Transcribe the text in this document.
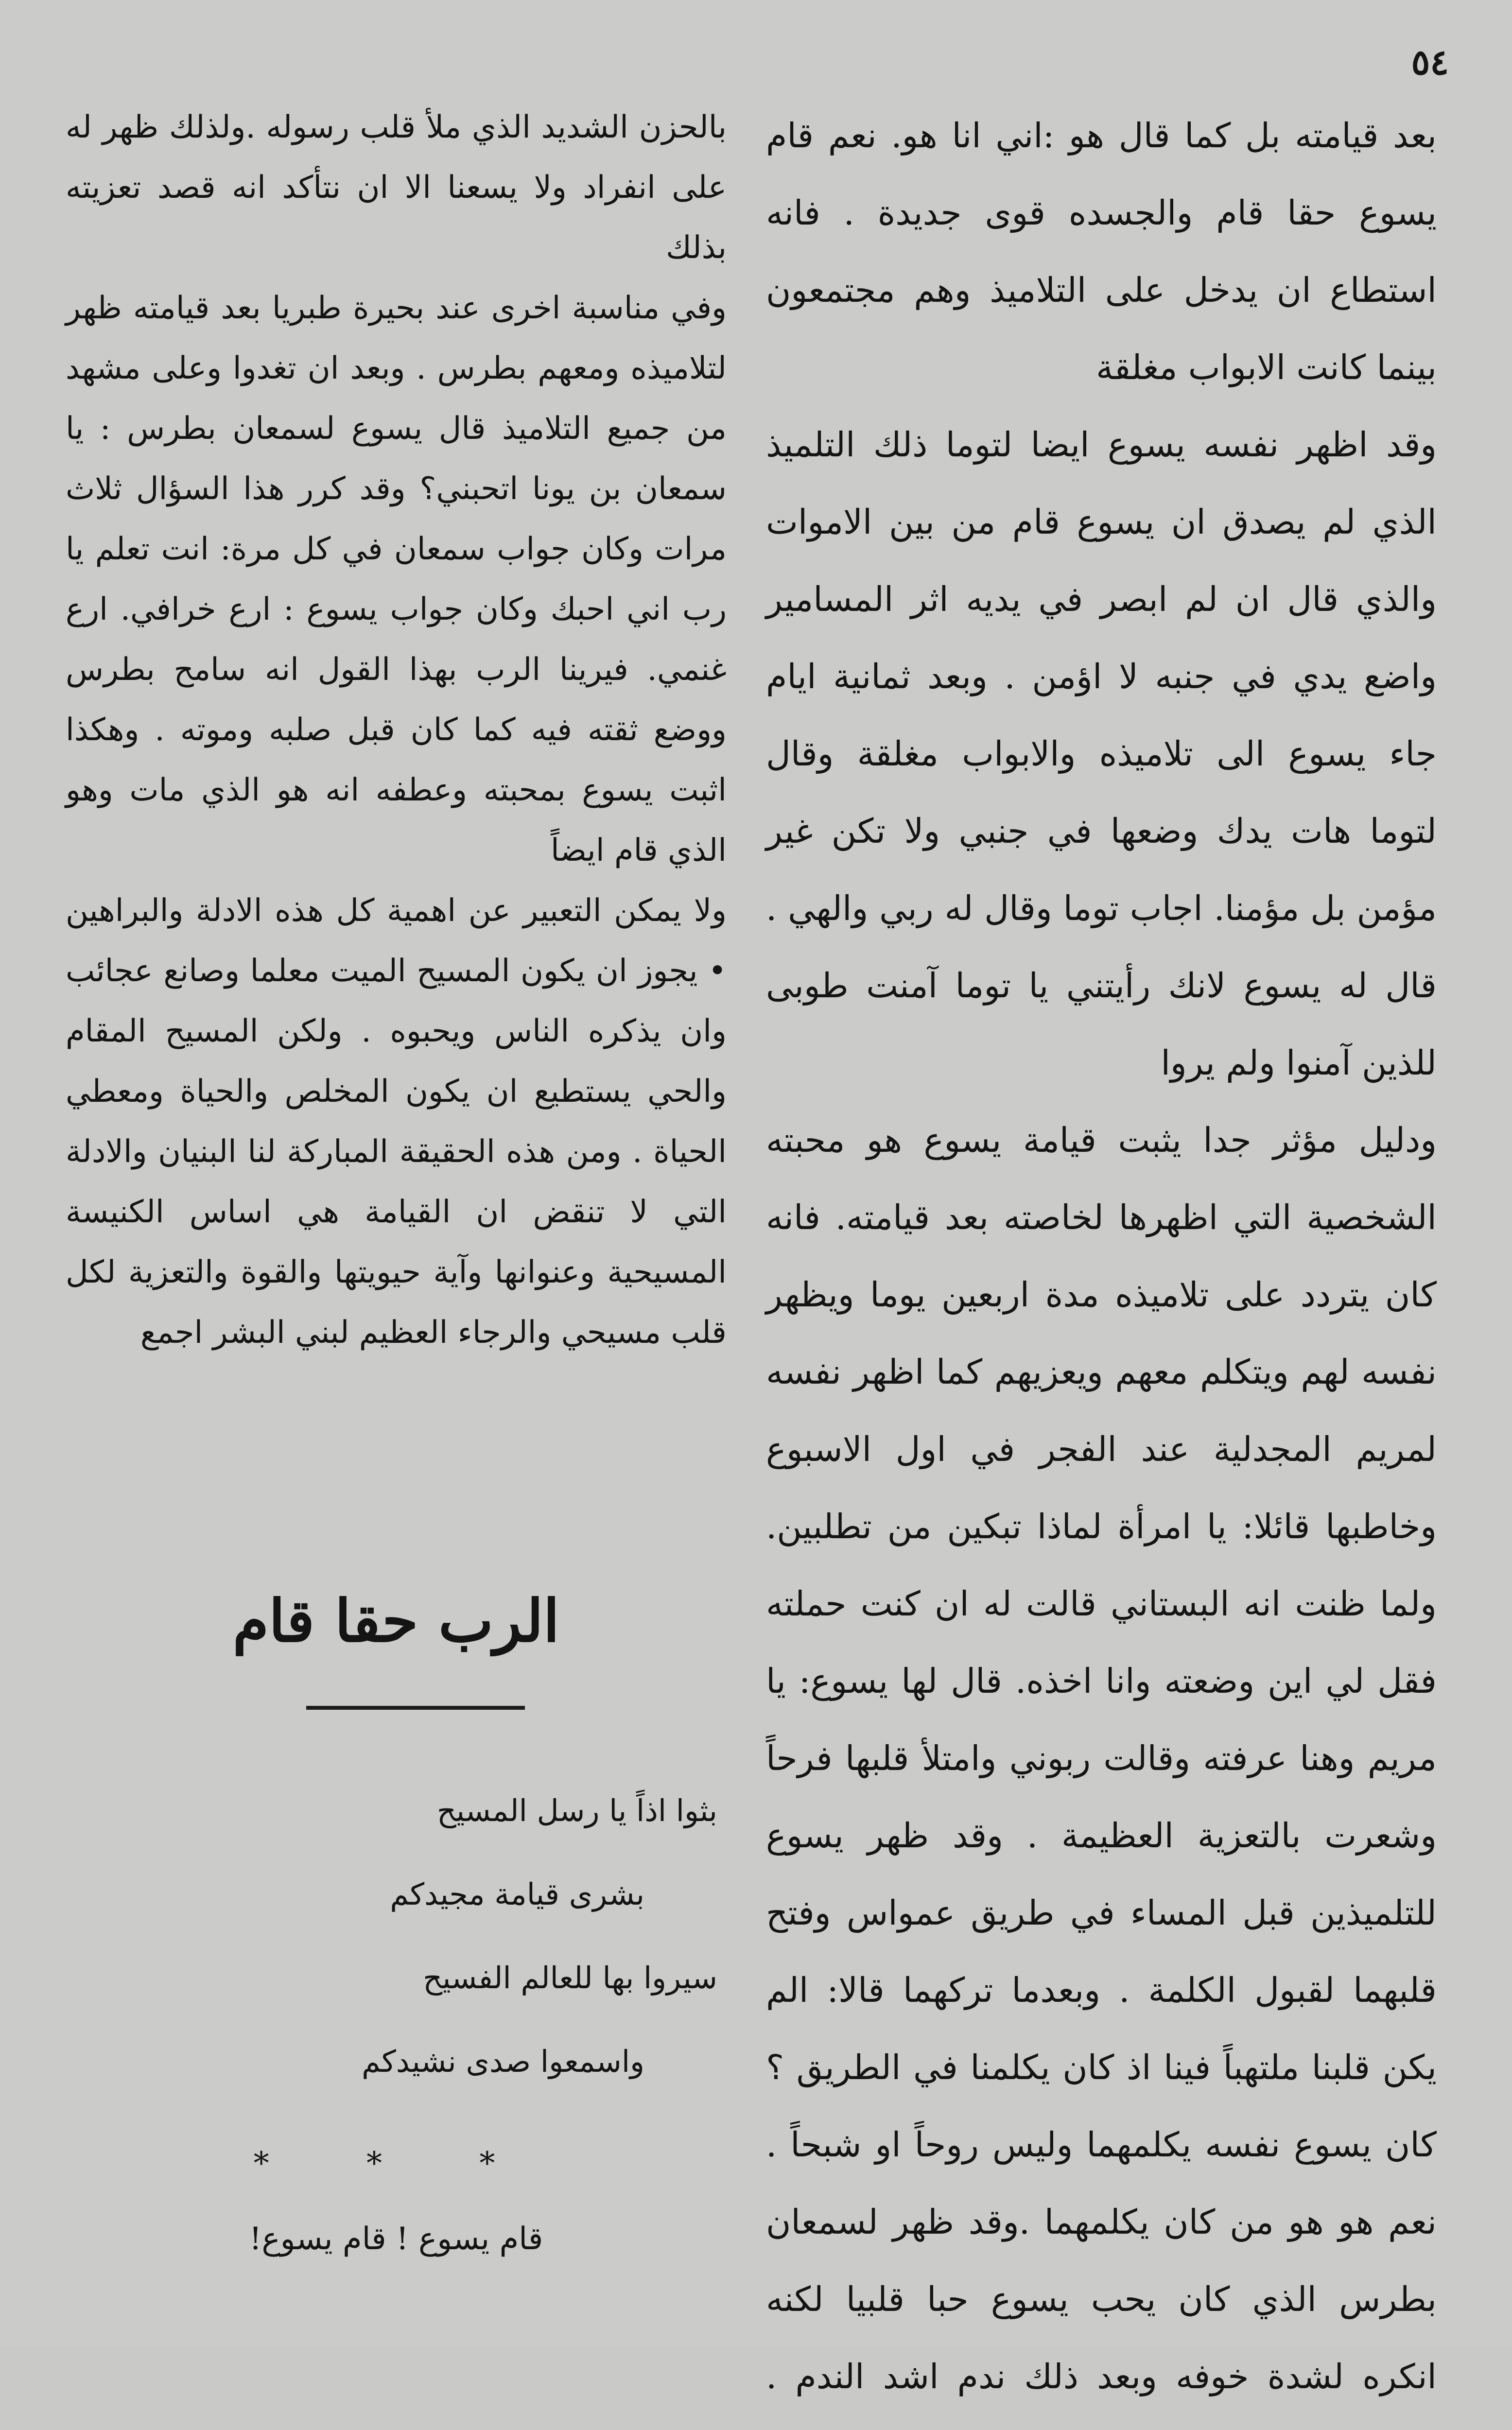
٥٤

بعد قيامته بل كما قال هو :اني انا هو. نعم قام يسوع حقا قام والجسده قوى جديدة . فانه استطاع ان يدخل على التلاميذ وهم مجتمعون بينما كانت الابواب مغلقة

وقد اظهر نفسه يسوع ايضا لتوما ذلك التلميذ الذي لم يصدق ان يسوع قام من بين الاموات والذي قال ان لم ابصر في يديه اثر المسامير واضع يدي في جنبه لا اؤمن . وبعد ثمانية ايام جاء يسوع الى تلاميذه والابواب مغلقة وقال لتوما هات يدك وضعها في جنبي ولا تكن غير مؤمن بل مؤمنا. اجاب توما وقال له ربي والهي . قال له يسوع لانك رأيتني يا توما آمنت طوبى للذين آمنوا ولم يروا

ودليل مؤثر جدا يثبت قيامة يسوع هو محبته الشخصية التي اظهرها لخاصته بعد قيامته. فانه كان يتردد على تلاميذه مدة اربعين يوما ويظهر نفسه لهم ويتكلم معهم ويعزيهم كما اظهر نفسه لمريم المجدلية عند الفجر في اول الاسبوع وخاطبها قائلا: يا امرأة لماذا تبكين من تطلبين. ولما ظنت انه البستاني قالت له ان كنت حملته فقل لي اين وضعته وانا اخذه. قال لها يسوع: يا مريم وهنا عرفته وقالت ربوني وامتلأ قلبها فرحاً وشعرت بالتعزية العظيمة . وقد ظهر يسوع للتلميذين قبل المساء في طريق عمواس وفتح قلبهما لقبول الكلمة . وبعدما تركهما قالا: الم يكن قلبنا ملتهباً فينا اذ كان يكلمنا في الطريق ؟ كان يسوع نفسه يكلمهما وليس روحاً او شبحاً . نعم هو هو من كان يكلمهما .وقد ظهر لسمعان بطرس الذي كان يحب يسوع حبا قلبيا لكنه انكره لشدة خوفه وبعد ذلك ندم اشد الندم .

بالحزن الشديد الذي ملأ قلب رسوله .ولذلك ظهر له على انفراد ولا يسعنا الا ان نتأكد انه قصد تعزيته بذلك

وفي مناسبة اخرى عند بحيرة طبريا بعد قيامته ظهر لتلاميذه ومعهم بطرس . وبعد ان تغدوا وعلى مشهد من جميع التلاميذ قال يسوع لسمعان بطرس : يا سمعان بن يونا اتحبني؟ وقد كرر هذا السؤال ثلاث مرات وكان جواب سمعان في كل مرة: انت تعلم يا رب اني احبك وكان جواب يسوع : ارع خرافي. ارع غنمي. فيرينا الرب بهذا القول انه سامح بطرس ووضع ثقته فيه كما كان قبل صلبه وموته . وهكذا اثبت يسوع بمحبته وعطفه انه هو الذي مات وهو الذي قام ايضاً

ولا يمكن التعبير عن اهمية كل هذه الادلة والبراهين • يجوز ان يكون المسيح الميت معلما وصانع عجائب وان يذكره الناس ويحبوه . ولكن المسيح المقام والحي يستطيع ان يكون المخلص والحياة ومعطي الحياة . ومن هذه الحقيقة المباركة لنا البنيان والادلة التي لا تنقض ان القيامة هي اساس الكنيسة المسيحية وعنوانها وآية حيويتها والقوة والتعزية لكل قلب مسيحي والرجاء العظيم لبني البشر اجمع

الرب حقا قام
بثوا اذاً يا رسل المسيح
بشرى قيامة مجيدكم
سيروا بها للعالم الفسيح
واسمعوا صدى نشيدكم
* * *
قام يسوع ! قام يسوع!
